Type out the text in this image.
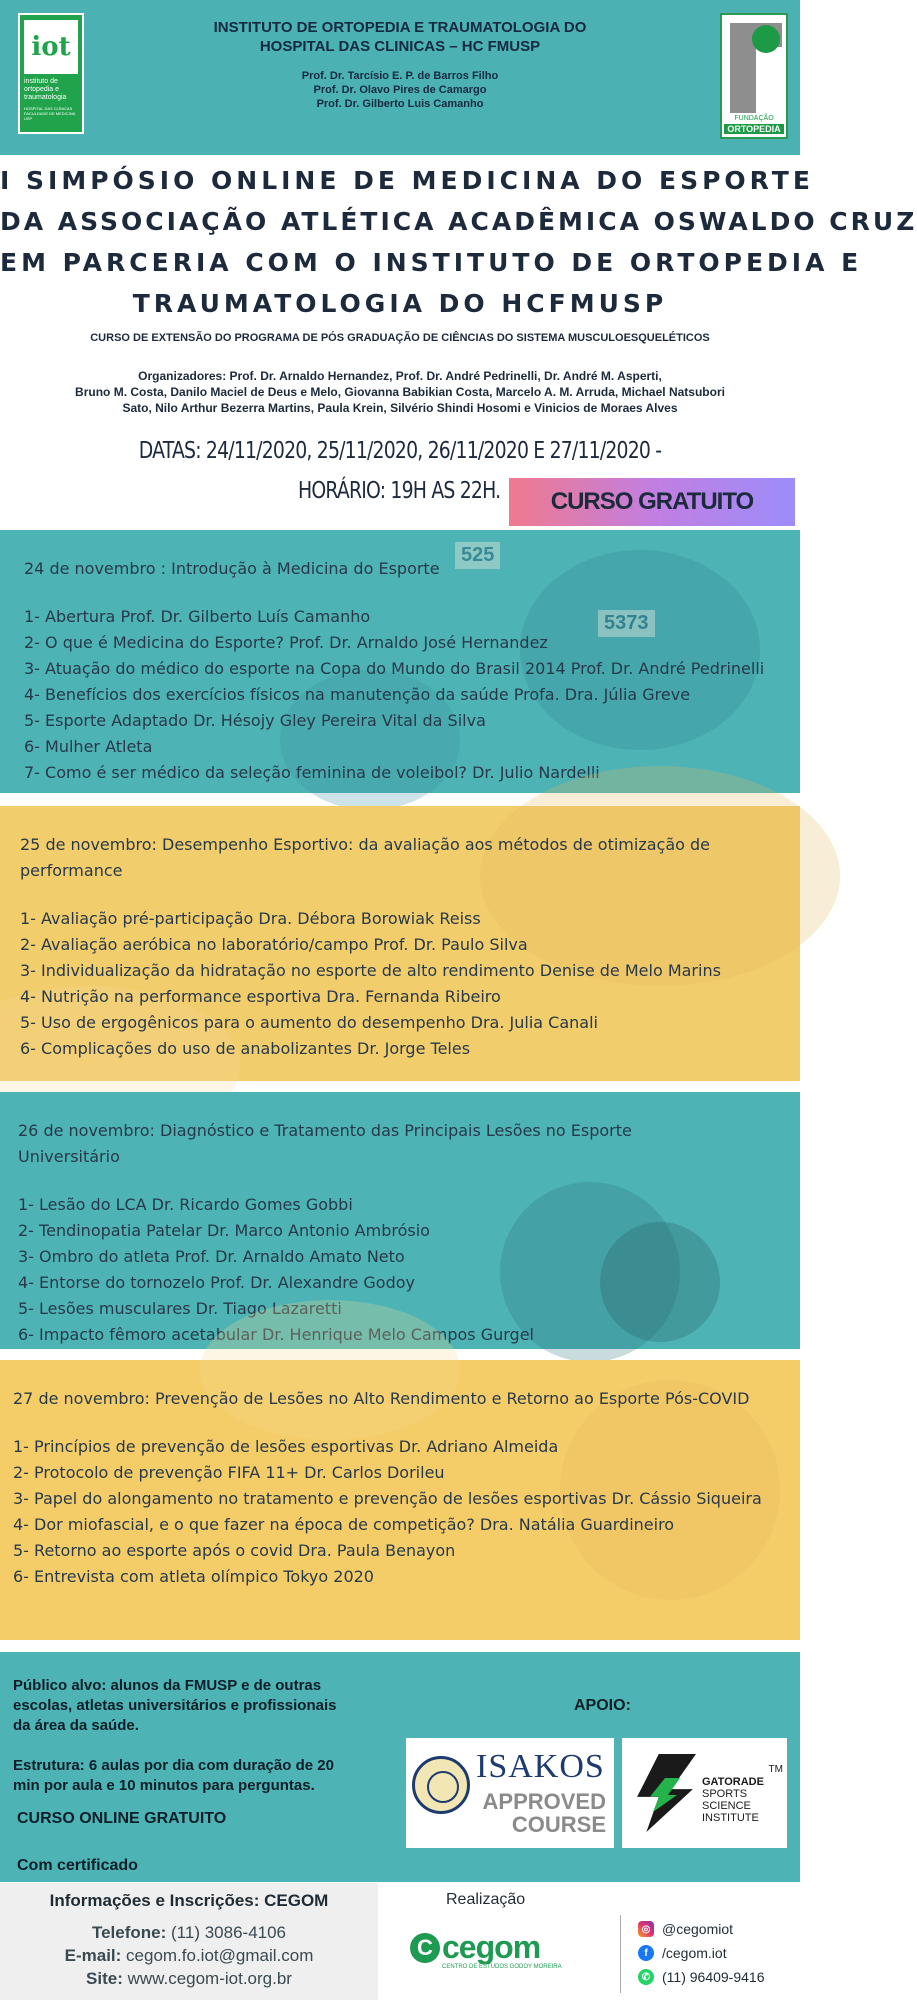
iot
instituto de
ortopedia e
traumatologia
HOSPITAL DAS CLÍNICAS FACULDADE DE MEDICINA USP
INSTITUTO DE ORTOPEDIA E TRAUMATOLOGIA DO
HOSPITAL DAS CLINICAS – HC FMUSP
Prof. Dr. Tarcísio E. P. de Barros Filho
Prof. Dr. Olavo Pires de Camargo
Prof. Dr. Gilberto Luis Camanho
FUNDAÇÃO
ORTOPEDIA
I SIMPÓSIO ONLINE DE MEDICINA DO ESPORTE
DA ASSOCIAÇÃO ATLÉTICA ACADÊMICA OSWALDO CRUZ
EM PARCERIA COM O INSTITUTO DE ORTOPEDIA E
TRAUMATOLOGIA DO HCFMUSP
CURSO DE EXTENSÃO DO PROGRAMA DE PÓS GRADUAÇÃO DE CIÊNCIAS DO SISTEMA MUSCULOESQUELÉTICOS
Organizadores: Prof. Dr. Arnaldo Hernandez, Prof. Dr. André Pedrinelli, Dr. André M. Asperti,
Bruno M. Costa, Danilo Maciel de Deus e Melo, Giovanna Babikian Costa, Marcelo A. M. Arruda, Michael Natsubori
Sato, Nilo Arthur Bezerra Martins, Paula Krein, Silvério Shindi Hosomi e Vinicios de Moraes Alves
DATAS: 24/11/2020, 25/11/2020, 26/11/2020 E 27/11/2020 -
HORÁRIO: 19H AS 22H.	CURSO GRATUITO
525
5373
24 de novembro : Introdução à Medicina do Esporte
1- Abertura Prof. Dr. Gilberto Luís Camanho
2- O que é Medicina do Esporte? Prof. Dr. Arnaldo José Hernandez
3- Atuação do médico do esporte na Copa do Mundo do Brasil 2014 Prof. Dr. André Pedrinelli
4- Benefícios dos exercícios físicos na manutenção da saúde Profa. Dra. Júlia Greve
5- Esporte Adaptado Dr. Hésojy Gley Pereira Vital da Silva
6- Mulher Atleta
7- Como é ser médico da seleção feminina de voleibol? Dr. Julio Nardelli
25 de novembro: Desempenho Esportivo: da avaliação aos métodos de otimização de
performance
1- Avaliação pré-participação Dra. Débora Borowiak Reiss
2- Avaliação aeróbica no laboratório/campo Prof. Dr. Paulo Silva
3- Individualização da hidratação no esporte de alto rendimento Denise de Melo Marins
4- Nutrição na performance esportiva Dra. Fernanda Ribeiro
5- Uso de ergogênicos para o aumento do desempenho Dra. Julia Canali
6- Complicações do uso de anabolizantes Dr. Jorge Teles
26 de novembro: Diagnóstico e Tratamento das Principais Lesões no Esporte
Universitário
1- Lesão do LCA Dr. Ricardo Gomes Gobbi
2- Tendinopatia Patelar Dr. Marco Antonio Ambrósio
3- Ombro do atleta Prof. Dr. Arnaldo Amato Neto
4- Entorse do tornozelo Prof. Dr. Alexandre Godoy
5- Lesões musculares Dr. Tiago Lazaretti
6- Impacto fêmoro acetabular Dr. Henrique Melo Campos Gurgel
27 de novembro: Prevenção de Lesões no Alto Rendimento e Retorno ao Esporte Pós-COVID
1- Princípios de prevenção de lesões esportivas Dr. Adriano Almeida
2- Protocolo de prevenção FIFA 11+ Dr. Carlos Dorileu
3- Papel do alongamento no tratamento e prevenção de lesões esportivas Dr. Cássio Siqueira
4- Dor miofascial, e o que fazer na época de competição? Dra. Natália Guardineiro
5- Retorno ao esporte após o covid Dra. Paula Benayon
6- Entrevista com atleta olímpico Tokyo 2020
Público alvo: alunos da FMUSP e de outras
escolas, atletas universitários e profissionais
da área da saúde.
Estrutura: 6 aulas por dia com duração de 20
min por aula e 10 minutos para perguntas.
CURSO ONLINE GRATUITO
Com certificado
APOIO:
ISAKOS
APPROVED
COURSE
GATORADE
SPORTS
SCIENCE
INSTITUTE
TM
Informações e Inscrições: CEGOM
Telefone: (11) 3086-4106
E-mail: cegom.fo.iot@gmail.com
Site: www.cegom-iot.org.br
Realização
C cegom
CENTRO DE ESTUDOS GODOY MOREIRA
◎ @cegomiot
f	/cegom.iot
✆ (11) 96409-9416
